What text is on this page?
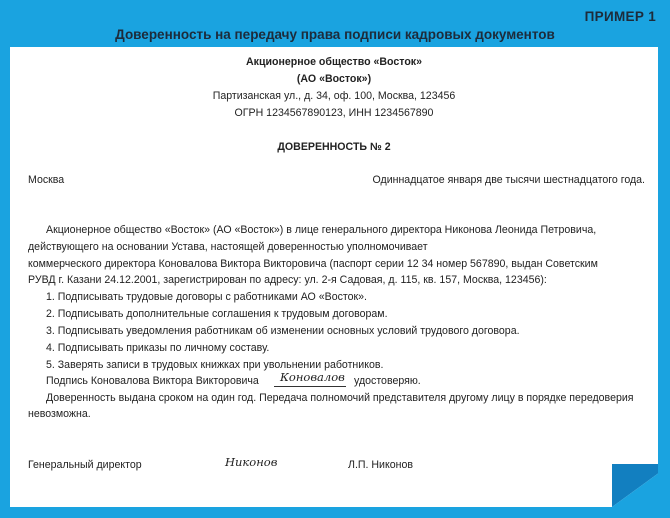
ПРИМЕР 1
Доверенность на передачу права подписи кадровых документов
Акционерное общество «Восток»
(АО «Восток»)
Партизанская ул., д. 34, оф. 100, Москва, 123456
ОГРН 1234567890123, ИНН 1234567890
ДОВЕРЕННОСТЬ № 2
Москва	Одиннадцатое января две тысячи шестнадцатого года.
Акционерное общество «Восток» (АО «Восток») в лице генерального директора Никонова Леонида Петровича,
действующего на основании Устава, настоящей доверенностью уполномочивает
коммерческого директора Коновалова Виктора Викторовича (паспорт серии 12 34 номер 567890, выдан Советским
РУВД г. Казани 24.12.2001, зарегистрирован по адресу: ул. 2-я Садовая, д. 115, кв. 157, Москва, 123456):
1. Подписывать трудовые договоры с работниками АО «Восток».
2. Подписывать дополнительные соглашения к трудовым договорам.
3. Подписывать уведомления работникам об изменении основных условий трудового договора.
4. Подписывать приказы по личному составу.
5. Заверять записи в трудовых книжках при увольнении работников.
Подпись Коновалова Виктора Викторовича Коновалов удостоверяю.
Доверенность выдана сроком на один год. Передача полномочий представителя другому лицу в порядке передоверия
невозможна.
Генеральный директор	Никонов	Л.П. Никонов
